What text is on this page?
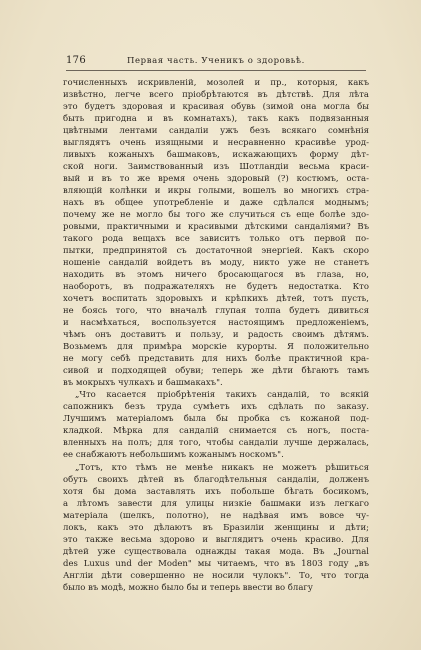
176	Первая часть. Ученикъ о здоровьѣ.
гочисленныхъ искривленій, мозолей и пр., которыя, какъ
извѣстно, легче всего пріобрѣтаются въ дѣтствѣ. Для лѣта
это будетъ здоровая и красивая обувь (зимой она могла бы
быть пригодна и въ комнатахъ), такъ какъ подвязанныя
цвѣтными лентами сандаліи ужъ безъ всякаго сомнѣнія
выглядятъ очень изящными и несравненно красивѣе урод-
ливыхъ кожаныхъ башмаковъ, искажающихъ форму дѣт-
ской ноги. Заимствованный изъ Шотландіи весьма краси-
вый и въ то же время очень здоровый (?) костюмъ, оста-
вляющій колѣнки и икры голыми, вошелъ во многихъ стра-
нахъ въ общее употребленіе и даже сдѣлался моднымъ;
почему же не могло бы того же случиться съ еще болѣе здо-
ровыми, практичными и красивыми дѣтскими сандаліями? Въ
такого рода вещахъ все зависитъ только отъ первой по-
пытки, предпринятой съ достаточной энергіей. Какъ скоро
ношеніе сандалій войдетъ въ моду, никто уже не станетъ
находить въ этомъ ничего бросающагося въ глаза, но,
наоборотъ, въ подражателяхъ не будетъ недостатка. Кто
хочетъ воспитать здоровыхъ и крѣпкихъ дѣтей, тотъ пусть,
не боясь того, что вначалѣ глупая толпа будетъ дивиться
и насмѣхаться, воспользуется настоящимъ предложеніемъ,
чѣмъ онъ доставитъ и пользу, и радость своимъ дѣтямъ.
Возьмемъ для примѣра морскіе курорты. Я положительно
не могу себѣ представить для нихъ болѣе практичной кра-
сивой и подходящей обуви; теперь же дѣти бѣгаютъ тамъ
въ мокрыхъ чулкахъ и башмакахъ".
„Что касается пріобрѣтенія такихъ сандалій, то всякій
сапожникъ безъ труда сумѣетъ ихъ сдѣлать по заказу.
Лучшимъ матеріаломъ была бы пробка съ кожаной под-
кладкой. Мѣрка для сандалій снимается съ ногъ, поста-
вленныхъ на полъ; для того, чтобы сандаліи лучше держалась,
ее снабжаютъ небольшимъ кожанымъ носкомъ".
„Тотъ, кто тѣмъ не менѣе никакъ не можетъ рѣшиться
обуть своихъ дѣтей въ благодѣтельныя сандаліи, долженъ
хотя бы дома заставлять ихъ побольше бѣгать босикомъ,
а лѣтомъ завести для улицы низкіе башмаки изъ легкаго
матеріала (шелкъ, полотно), не надѣвая имъ вовсе чу-
локъ, какъ это дѣлаютъ въ Бразиліи женщины и дѣти;
это также весьма здорово и выглядитъ очень красиво. Для
дѣтей уже существовала однажды такая мода. Въ „Journal
des Luxus und der Moden" мы читаемъ, что въ 1803 году „въ
Англіи дѣти совершенно не носили чулокъ". То, что тогда
было въ модѣ, можно было бы и теперь ввести во благу
